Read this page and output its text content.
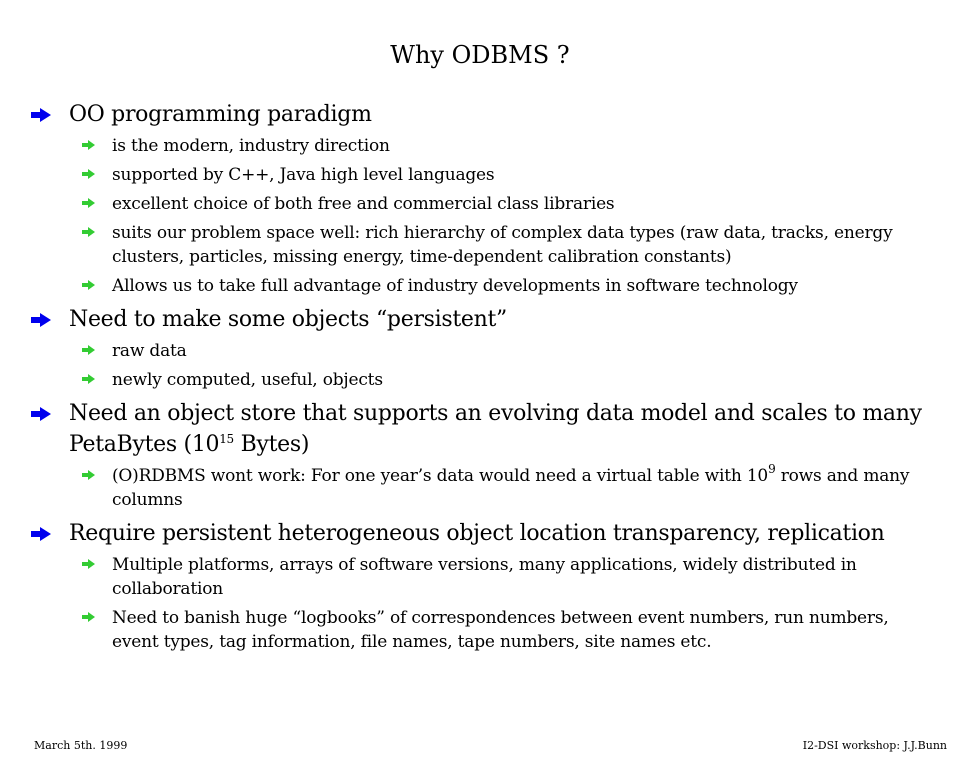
Why ODBMS ?
OO programming paradigm
is the modern, industry direction
supported by C++, Java high level languages
excellent choice of both free and commercial class libraries
suits our problem space well: rich hierarchy of complex data types (raw data, tracks, energy clusters, particles, missing energy, time-dependent calibration constants)
Allows us to take full advantage of industry developments in software technology
Need to make some objects “persistent”
raw data
newly computed, useful, objects
Need an object store that supports an evolving data model and scales to many PetaBytes ($10^{15}$ Bytes)
(O)RDBMS wont work: For one year’s data would need a virtual table with $10^9$ rows and many columns
Require persistent heterogeneous object location transparency, replication
Multiple platforms, arrays of software versions, many applications, widely distributed in collaboration
Need to banish huge “logbooks” of correspondences between event numbers, run numbers, event types, tag information, file names, tape numbers, site names etc.
March 5th. 1999	I2-DSI workshop: J.J.Bunn
